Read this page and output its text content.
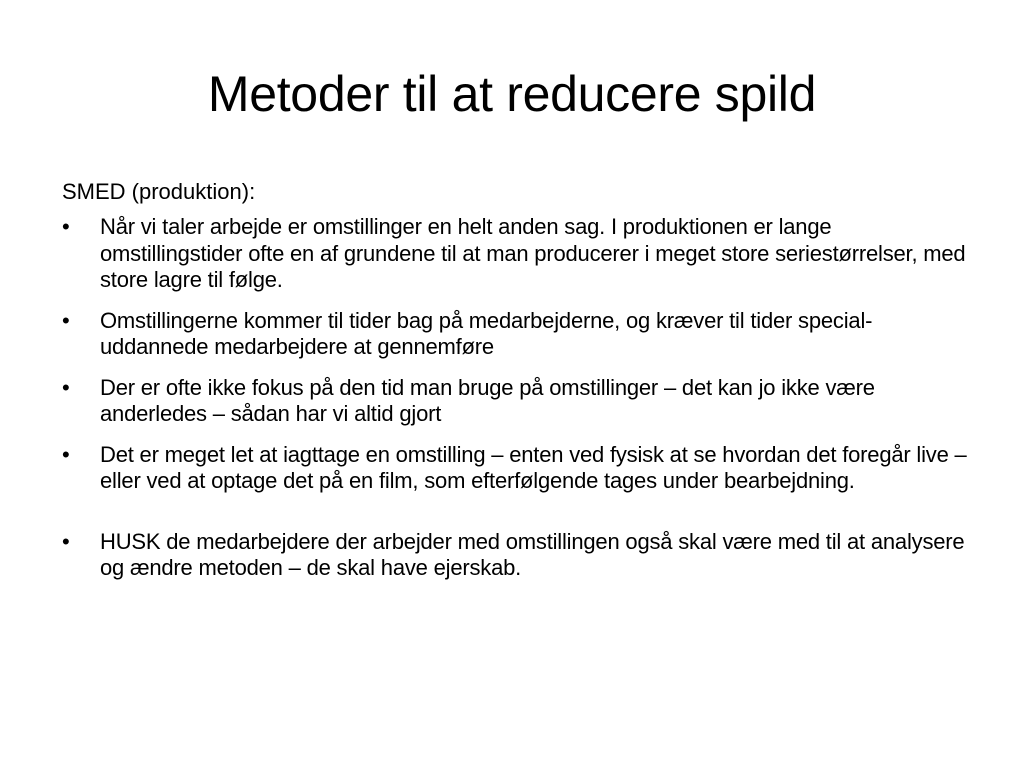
Metoder til at reducere spild

SMED (produktion):

• Når vi taler arbejde er omstillinger en helt anden sag. I produktionen er lange omstillingstider ofte en af grundene til at man producerer i meget store seriestørrelser, med store lagre til følge.
• Omstillingerne kommer til tider bag på medarbejderne, og kræver til tider special-uddannede medarbejdere at gennemføre
• Der er ofte ikke fokus på den tid man bruge på omstillinger – det kan jo ikke være anderledes – sådan har vi altid gjort
• Det er meget let at iagttage en omstilling – enten ved fysisk at se hvordan det foregår live – eller ved at optage det på en film, som efterfølgende tages under bearbejdning.
• HUSK de medarbejdere der arbejder med omstillingen også skal være med til at analysere og ændre metoden – de skal have ejerskab.
